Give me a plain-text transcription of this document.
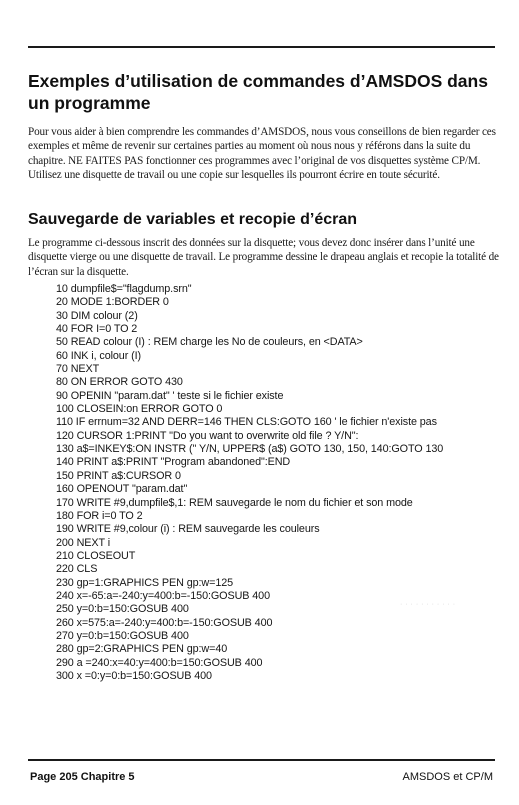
Exemples d’utilisation de commandes d’AMSDOS dans un programme

Pour vous aider à bien comprendre les commandes d’AMSDOS, nous vous conseillons de bien regarder ces exemples et même de revenir sur certaines parties au moment où nous nous y référons dans la suite du chapitre. NE FAITES PAS fonctionner ces programmes avec l’original de vos disquettes système CP/M. Utilisez une disquette de travail ou une copie sur lesquelles ils pourront écrire en toute sécurité.

Sauvegarde de variables et recopie d’écran

Le programme ci-dessous inscrit des données sur la disquette; vous devez donc insérer dans l’unité une disquette vierge ou une disquette de travail. Le programme dessine le drapeau anglais et recopie la totalité de l’écran sur la disquette.

10 dumpfile$="flagdump.srn"
20 MODE 1:BORDER 0
30 DIM colour (2)
40 FOR I=0 TO 2
50 READ colour (I) : REM charge les No de couleurs, en <DATA>
60 INK i, colour (I)
70 NEXT
80 ON ERROR GOTO 430
90 OPENIN "param.dat" ' teste si le fichier existe
100 CLOSEIN:on ERROR GOTO 0
110 IF errnum=32 AND DERR=146 THEN CLS:GOTO 160 ' le fichier n'existe pas
120 CURSOR 1:PRINT "Do you want to overwrite old file ? Y/N":
130 a$=INKEY$:ON INSTR (" Y/N, UPPER$ (a$) GOTO 130, 150, 140:GOTO 130
140 PRINT a$:PRINT "Program abandoned":END
150 PRINT a$:CURSOR 0
160 OPENOUT "param.dat"
170 WRITE #9,dumpfile$,1: REM sauvegarde le nom du fichier et son mode
180 FOR i=0 TO 2
190 WRITE #9,colour (i) : REM sauvegarde les couleurs
200 NEXT i
210 CLOSEOUT
220 CLS
230 gp=1:GRAPHICS PEN gp:w=125
240 x=-65:a=-240:y=400:b=-150:GOSUB 400
250 y=0:b=150:GOSUB 400
260 x=575:a=-240:y=400:b=-150:GOSUB 400
270 y=0:b=150:GOSUB 400
280 gp=2:GRAPHICS PEN gp:w=40
290 a =240:x=40:y=400:b=150:GOSUB 400
300 x =0:y=0:b=150:GOSUB 400
· · · · · · · · · · ·
Page 205 Chapitre 5	AMSDOS et CP/M
